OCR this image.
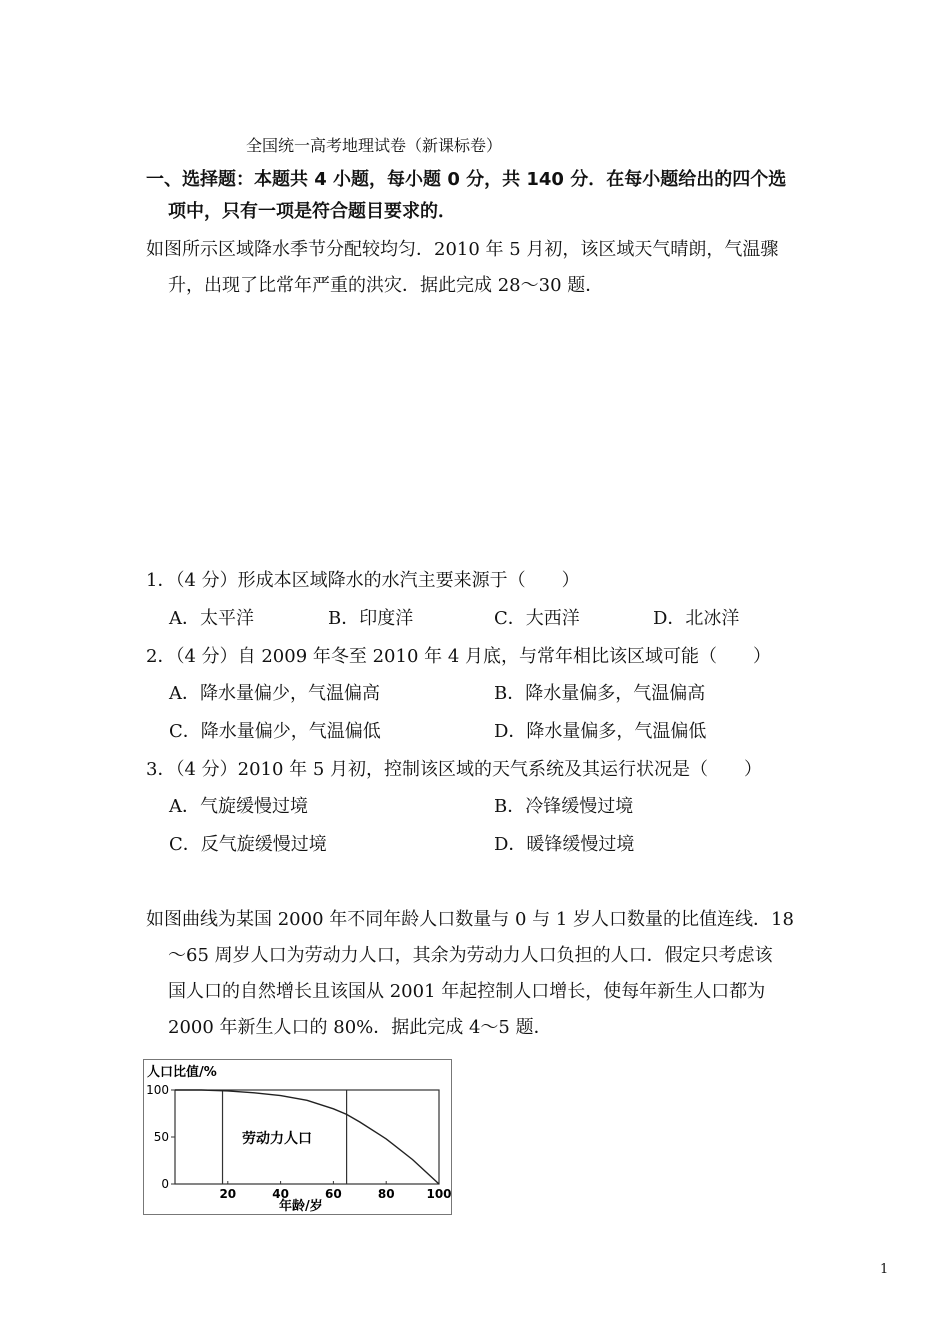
全国统一高考地理试卷（新课标卷）
一、选择题：本题共 4 小题，每小题 0 分，共 140 分．在每小题给出的四个选
项中，只有一项是符合题目要求的．
如图所示区域降水季节分配较均匀．2010 年 5 月初，该区域天气晴朗，气温骤
升，出现了比常年严重的洪灾．据此完成 28～30 题．
1．（4 分）形成本区域降水的水汽主要来源于（　　）
A．太平洋	B．印度洋	C．大西洋	D．北冰洋
2．（4 分）自 2009 年冬至 2010 年 4 月底，与常年相比该区域可能（　　）
A．降水量偏少，气温偏高	B．降水量偏多，气温偏高
C．降水量偏少，气温偏低	D．降水量偏多，气温偏低
3．（4 分）2010 年 5 月初，控制该区域的天气系统及其运行状况是（　　）
A．气旋缓慢过境	B．冷锋缓慢过境
C．反气旋缓慢过境	D．暖锋缓慢过境
如图曲线为某国 2000 年不同年龄人口数量与 0 与 1 岁人口数量的比值连线．18
～65 周岁人口为劳动力人口，其余为劳动力人口负担的人口．假定只考虑该
国人口的自然增长且该国从 2001 年起控制人口增长，使每年新生人口都为
2000 年新生人口的 80%．据此完成 4～5 题．
人口比值/%
年龄/岁
劳动力人口
100
50
0
20	40	60	80	100
1
